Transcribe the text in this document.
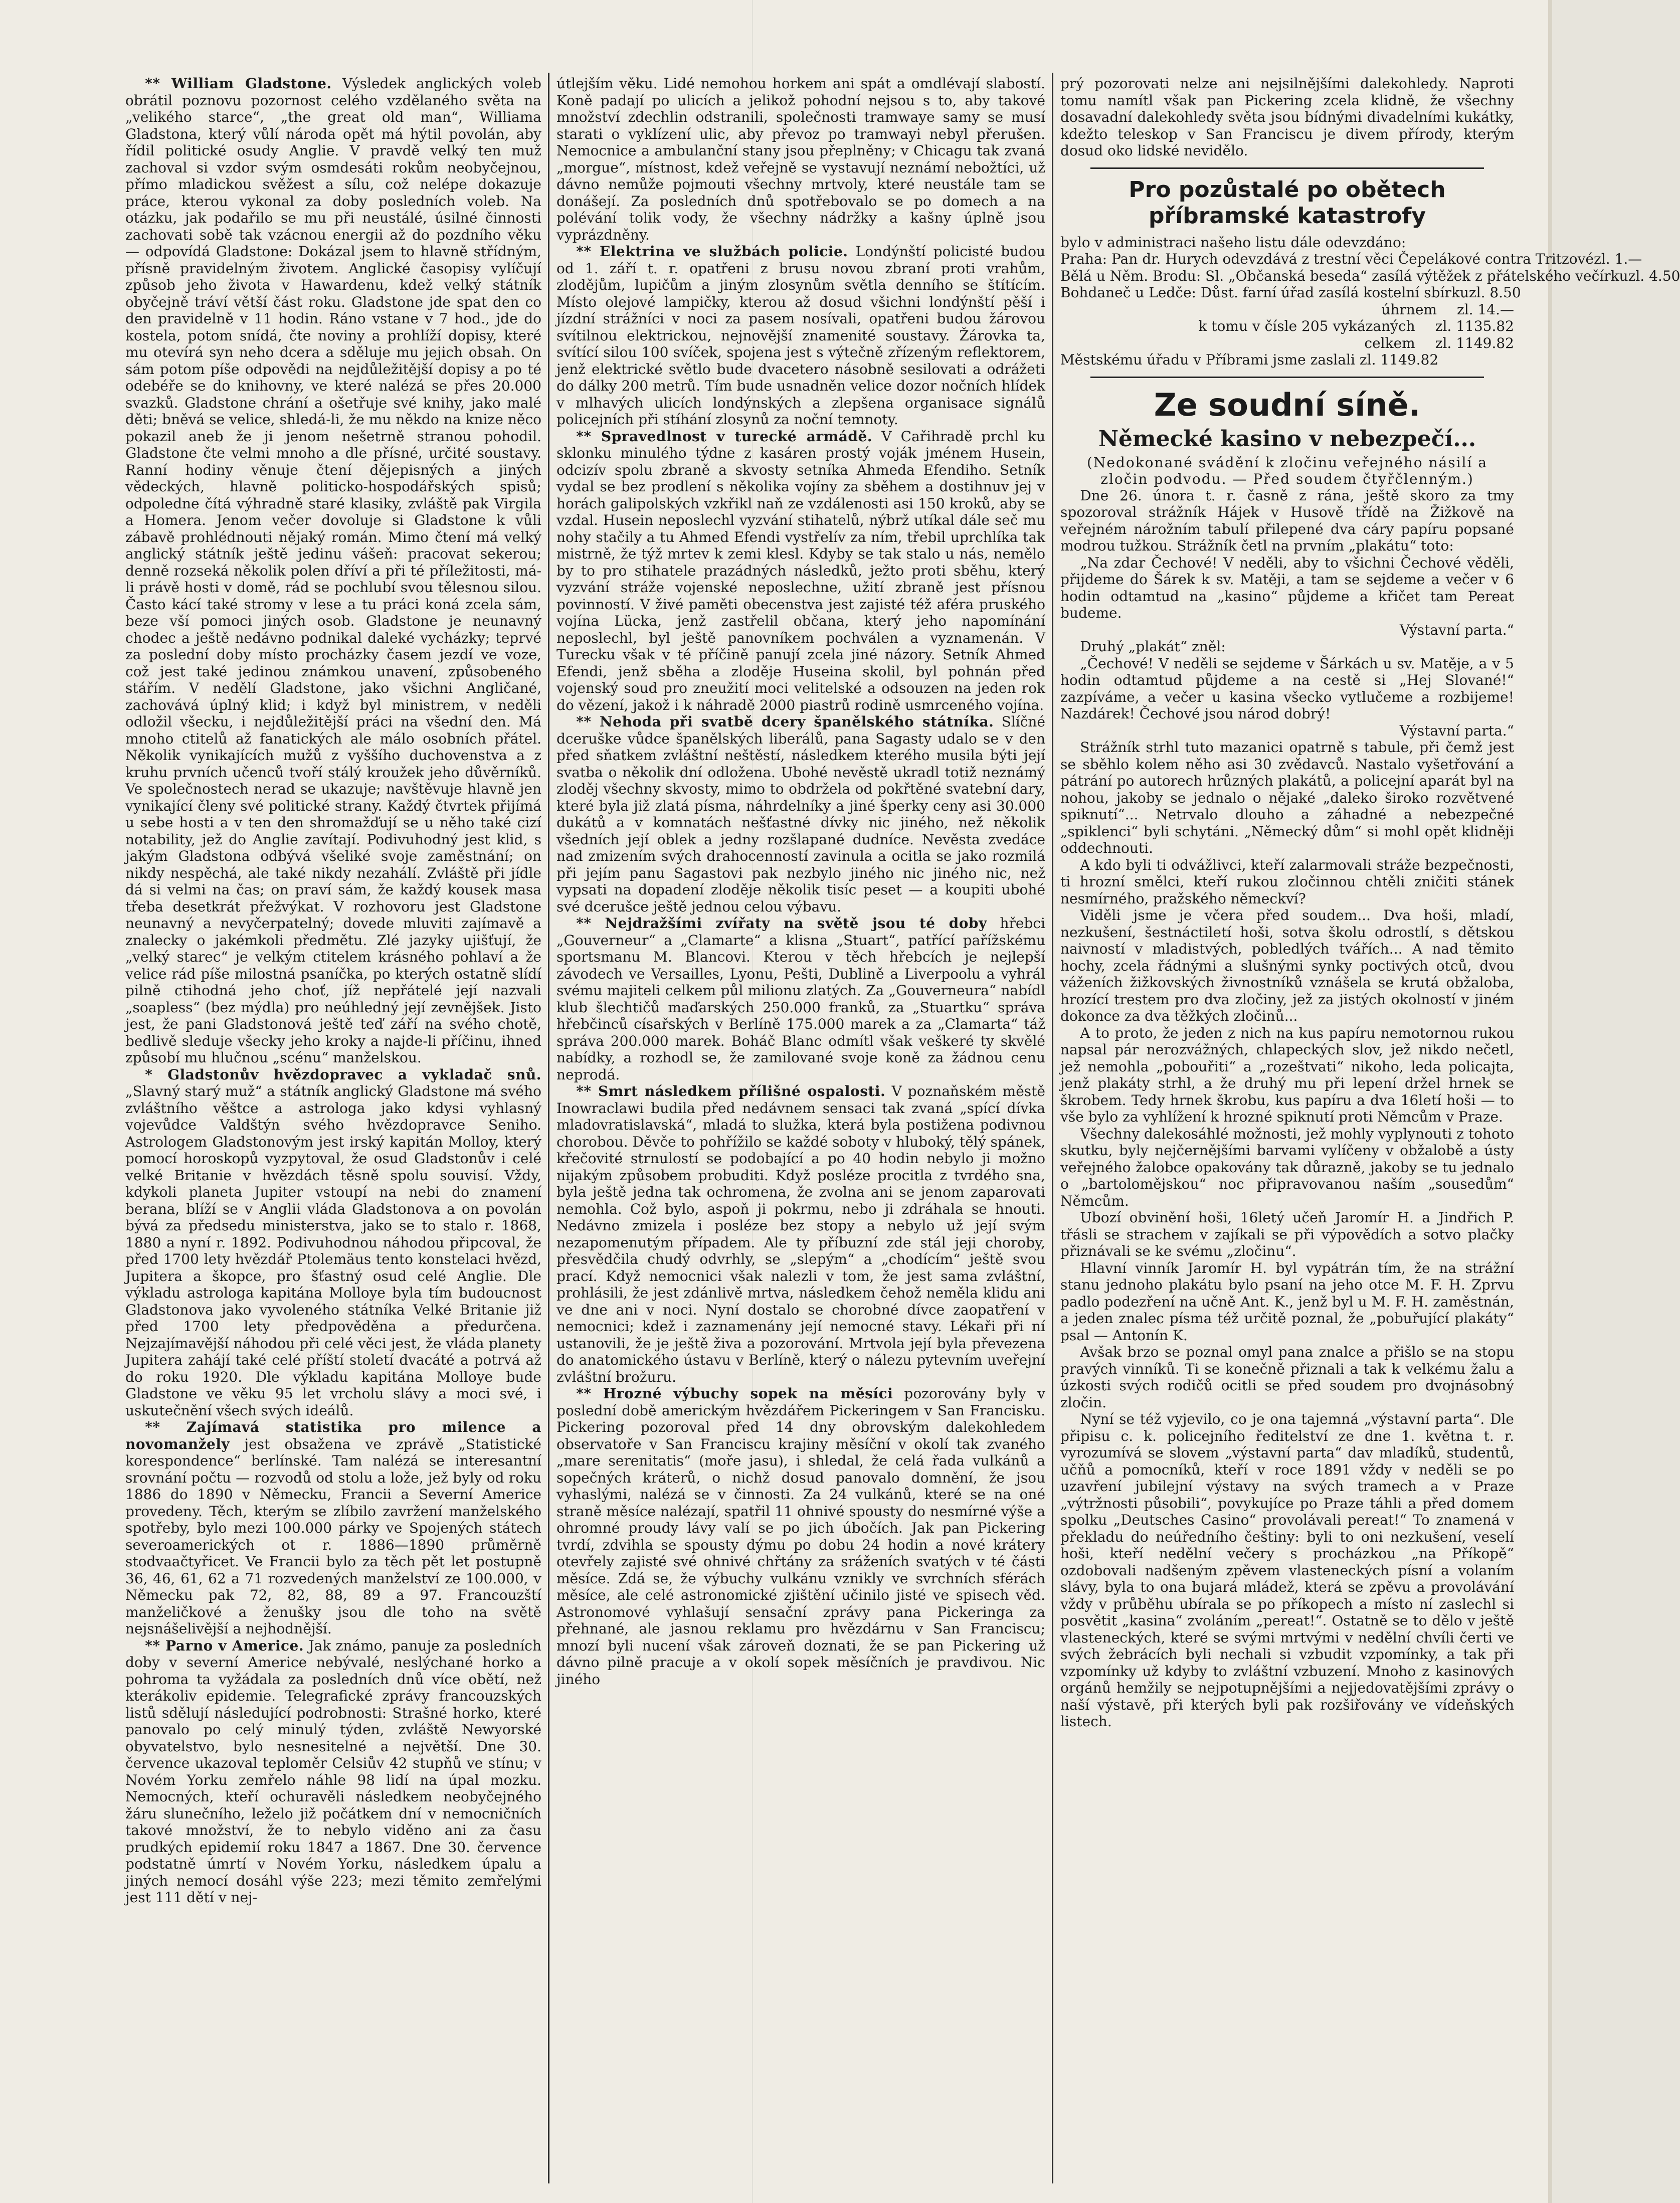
** William Gladstone. Výsledek anglických voleb obrátil poznovu pozornost celého vzdělaného světa na „velikého starce“, „the great old man“, Williama Gladstona, který vůlí národa opět má hýtil povolán, aby řídil politické osudy Anglie. V pravdě velký ten muž zachoval si vzdor svým osmdesáti rokům neobyčejnou, přímo mladickou svěžest a sílu, což nelépe dokazuje práce, kterou vykonal za doby posledních voleb. Na otázku, jak podařilo se mu při neustálé, úsilné činnosti zachovati sobě tak vzácnou energii až do pozdního věku — odpovídá Gladstone: Dokázal jsem to hlavně střídným, přísně pravidelným životem. Anglické časopisy vylíčují způsob jeho života v Hawardenu, kdež velký státník obyčejně tráví větší část roku. Gladstone jde spat den co den pravidelně v 11 hodin. Ráno vstane v 7 hod., jde do kostela, potom snídá, čte noviny a prohlíží dopisy, které mu otevírá syn neho dcera a sděluje mu jejich obsah. On sám potom píše odpovědi na nejdůležitější dopisy a po té odebéře se do knihovny, ve které nalézá se přes 20.000 svazků. Gladstone chrání a ošetřuje své knihy, jako malé děti; bněvá se velice, shledá-li, že mu někdo na knize něco pokazil aneb že ji jenom nešetrně stranou pohodil. Gladstone čte velmi mnoho a dle přísné, určité soustavy. Ranní hodiny věnuje čtení dějepisných a jiných vědeckých, hlavně politicko-hospodářských spisů; odpoledne čítá výhradně staré klasiky, zvláště pak Virgila a Homera. Jenom večer dovoluje si Gladstone k vůli zábavě prohlédnouti nějaký román. Mimo čtení má velký anglický státník ještě jedinu vášeň: pracovat sekerou; denně rozseká několik polen dříví a při té příležitosti, má-li právě hosti v domě, rád se pochlubí svou tělesnou silou. Často kácí také stromy v lese a tu práci koná zcela sám, beze vší pomoci jiných osob. Gladstone je neunavný chodec a ještě nedávno podnikal daleké vycházky; teprvé za poslední doby místo procházky časem jezdí ve voze, což jest také jedinou známkou unavení, způsobeného stářím. V nedělí Gladstone, jako všichni Angličané, zachovává úplný klid; i když byl ministrem, v neděli odložil všecku, i nejdůležitější práci na všední den. Má mnoho ctitelů až fanatických ale málo osobních přátel. Několik vynikajících mužů z vyššího duchovenstva a z kruhu prvních učenců tvoří stálý kroužek jeho důvěrníků. Ve společnostech nerad se ukazuje; navštěvuje hlavně jen vynikající členy své politické strany. Každý čtvrtek přijímá u sebe hosti a v ten den shromažďují se u něho také cizí notability, jež do Anglie zavítají. Podivuhodný jest klid, s jakým Gladstona odbývá všeliké svoje zaměstnání; on nikdy nespěchá, ale také nikdy nezahálí. Zvláště při jídle dá si velmi na čas; on praví sám, že každý kousek masa třeba desetkrát přežvýkat. V rozhovoru jest Gladstone neunavný a nevyčerpatelný; dovede mluviti zajímavě a znalecky o jakémkoli předmětu. Zlé jazyky ujišťují, že „velký starec“ je velkým ctitelem krásného pohlaví a že velice rád píše milostná psaníčka, po kterých ostatně slídí pilně ctihodná jeho choť, jíž nepřátelé její nazvali „soapless“ (bez mýdla) pro neúhledný její zevnějšek. Jisto jest, že pani Gladstonová ještě teď září na svého chotě, bedlivě sleduje všecky jeho kroky a najde-li příčinu, ihned způsobí mu hlučnou „scénu“ manželskou.

* Gladstonův hvězdopravec a vykladač snů. „Slavný starý muž“ a státník anglický Gladstone má svého zvláštního věštce a astrologa jako kdysi vyhlasný vojevůdce Valdštýn svého hvězdopravce Seniho. Astrologem Gladstonovým jest irský kapitán Molloy, který pomocí horoskopů vyzpytoval, že osud Gladstonův i celé velké Britanie v hvězdách těsně spolu souvisí. Vždy, kdykoli planeta Jupiter vstoupí na nebi do znamení berana, blíží se v Anglii vláda Gladstonova a on povolán bývá za předsedu ministerstva, jako se to stalo r. 1868, 1880 a nyní r. 1892. Podivuhodnou náhodou připcoval, že před 1700 lety hvězdář Ptolemäus tento konstelaci hvězd, Jupitera a škopce, pro šťastný osud celé Anglie. Dle výkladu astrologa kapitána Molloye byla tím budoucnost Gladstonova jako vyvoleného státníka Velké Britanie již před 1700 lety předpověděna a předurčena. Nejzajímavější náhodou při celé věci jest, že vláda planety Jupitera zahájí také celé příští století dvacáté a potrvá až do roku 1920. Dle výkladu kapitána Molloye bude Gladstone ve věku 95 let vrcholu slávy a moci své, i uskutečnění všech svých ideálů.

** Zajímavá statistika pro milence a novomanžely jest obsažena ve zprávě „Statistické korespondence“ berlínské. Tam nalézá se interesantní srovnání počtu — rozvodů od stolu a lože, jež byly od roku 1886 do 1890 v Německu, Francii a Severní Americe provedeny. Těch, kterým se zlíbilo zavržení manželského spotřeby, bylo mezi 100.000 párky ve Spojených státech severoamerických ot r. 1886—1890 průměrně stodvaačtyřicet. Ve Francii bylo za těch pět let postupně 36, 46, 61, 62 a 71 rozvedených manželství ze 100.000, v Německu pak 72, 82, 88, 89 a 97. Francouzští manželičkové a ženušky jsou dle toho na světě nejsnášelivější a nejhodnější.

** Parno v Americe. Jak známo, panuje za posledních doby v severní Americe nebývalé, neslýchané horko a pohroma ta vyžádala za posledních dnů více obětí, než kterákoliv epidemie. Telegrafické zprávy francouzských listů sdělují následující podrobnosti: Strašné horko, které panovalo po celý minulý týden, zvláště Newyorské obyvatelstvo, bylo nesnesitelné a největší. Dne 30. července ukazoval teploměr Celsiův 42 stupňů ve stínu; v Novém Yorku zemřelo náhle 98 lidí na úpal mozku. Nemocných, kteří ochuravěli následkem neobyčejného žáru slunečního, leželo již počátkem dní v nemocničních takové množství, že to nebylo viděno ani za času prudkých epidemií roku 1847 a 1867. Dne 30. července podstatně úmrtí v Novém Yorku, následkem úpalu a jiných nemocí dosáhl výše 223; mezi těmito zemřelými jest 111 dětí v nej-

útlejším věku. Lidé nemohou horkem ani spát a omdlévají slabostí. Koně padají po ulicích a jelikož pohodní nejsou s to, aby takové množství zdechlin odstranili, společnosti tramwaye samy se musí starati o vyklízení ulic, aby převoz po tramwayi nebyl přerušen. Nemocnice a ambulanční stany jsou přeplněny; v Chicagu tak zvaná „morgue“, místnost, kdež veřejně se vystavují neznámí nebožtíci, už dávno nemůže pojmouti všechny mrtvoly, které neustále tam se donášejí. Za posledních dnů spotřebovalo se po domech a na polévání tolik vody, že všechny nádržky a kašny úplně jsou vyprázdněny.

** Elektrina ve službách policie. Londýnští policisté budou od 1. září t. r. opatřeni z brusu novou zbraní proti vrahům, zlodějům, lupičům a jiným zlosynům světla denního se štítícím. Místo olejové lampičky, kterou až dosud všichni londýnští pěší i jízdní strážníci v noci za pasem nosívali, opatřeni budou žárovou svítilnou elektrickou, nejnovější znamenité soustavy. Žárovka ta, svítící silou 100 svíček, spojena jest s výtečně zřízeným reflektorem, jenž elektrické světlo bude dvacetero násobně sesilovati a odrážeti do dálky 200 metrů. Tím bude usnadněn velice dozor nočních hlídek v mlhavých ulicích londýnských a zlepšena organisace signálů policejních při stíhání zlosynů za noční temnoty.

** Spravedlnost v turecké armádě. V Cařihradě prchl ku sklonku minulého týdne z kasáren prostý voják jménem Husein, odcizív spolu zbraně a skvosty setníka Ahmeda Efendiho. Setník vydal se bez prodlení s několika vojíny za sběhem a dostihnuv jej v horách galipolských vzkřikl naň ze vzdálenosti asi 150 kroků, aby se vzdal. Husein neposlechl vyzvání stihatelů, nýbrž utíkal dále seč mu nohy stačily a tu Ahmed Efendi vystřelív za ním, třebil uprchlíka tak mistrně, že týž mrtev k zemi klesl. Kdyby se tak stalo u nás, nemělo by to pro stihatele prazádných následků, ježto proti sběhu, který vyzvání stráže vojenské neposlechne, užití zbraně jest přísnou povinností. V živé paměti obecenstva jest zajisté též aféra pruského vojína Lücka, jenž zastřelil občana, který jeho napomínání neposlechl, byl ještě panovníkem pochválen a vyznamenán. V Turecku však v té příčině panují zcela jiné názory. Setník Ahmed Efendi, jenž sběha a zloděje Huseina skolil, byl pohnán před vojenský soud pro zneužití moci velitelské a odsouzen na jeden rok do vězení, jakož i k náhradě 2000 piastrů rodině usmrceného vojína.

** Nehoda při svatbě dcery španělského státníka. Slíčné dceruške vůdce španělských liberálů, pana Sagasty udalo se v den před sňatkem zvláštní neštěstí, následkem kterého musila býti její svatba o několik dní odložena. Ubohé nevěstě ukradl totiž neznámý zloděj všechny skvosty, mimo to obdržela od pokřtěné svatební dary, které byla již zlatá písma, náhrdelníky a jiné šperky ceny asi 30.000 dukátů a v komnatách nešťastné dívky nic jiného, než několik všedních její oblek a jedny rozšlapané dudníce. Nevěsta zvedáce nad zmizením svých drahocenností zavinula a ocitla se jako rozmilá při jejím panu Sagastovi pak nezbylo jiného nic jiného nic, než vypsati na dopadení zloděje několik tisíc peset — a koupiti ubohé své dcerušce ještě jednou celou výbavu.

** Nejdražšími zvířaty na světě jsou té doby hřebci „Gouverneur“ a „Clamarte“ a klisna „Stuart“, patřící pařížskému sportsmanu M. Blancovi. Kterou v těch hřebcích je nejlepší závodech ve Versailles, Lyonu, Pešti, Dublině a Liverpoolu a vyhrál svému majiteli celkem půl milionu zlatých. Za „Gouverneura“ nabídl klub šlechtičů maďarských 250.000 franků, za „Stuartku“ správa hřebčinců císařských v Berlíně 175.000 marek a za „Clamarta“ táž správa 200.000 marek. Boháč Blanc odmítl však veškeré ty skvělé nabídky, a rozhodl se, že zamilované svoje koně za žádnou cenu neprodá.

** Smrt následkem přílišné ospalosti. V poznaňském městě Inowraclawi budila před nedávnem sensaci tak zvaná „spící dívka mladovratislavská“, mladá to služka, která byla postižena podivnou chorobou. Děvče to pohřížilo se každé soboty v hluboký, tělý spánek, křečovité strnulostí se podobající a po 40 hodin nebylo ji možno nijakým způsobem probuditi. Když posléze procitla z tvrdého sna, byla ještě jedna tak ochromena, že zvolna ani se jenom zaparovati nemohla. Což bylo, aspoň ji pokrmu, nebo ji zdráhala se hnouti. Nedávno zmizela i posléze bez stopy a nebylo už její svým nezapomenutým případem. Ale ty příbuzní zde stál jeji choroby, přesvědčila chudý odvrhly, se „slepým“ a „chodícím“ ještě svou prací. Když nemocnici však nalezli v tom, že jest sama zvláštní, prohlásili, že jest zdánlivě mrtva, následkem čehož neměla klidu ani ve dne ani v noci. Nyní dostalo se chorobné dívce zaopatření v nemocnici; kdež i zaznamenány její nemocné stavy. Lékaři při ní ustanovili, že je ještě živa a pozorování. Mrtvola její byla převezena do anatomického ústavu v Berlíně, který o nálezu pytevním uveřejní zvláštní brožuru.

** Hrozné výbuchy sopek na měsíci pozorovány byly v poslední době americkým hvězdářem Pickeringem v San Francisku. Pickering pozoroval před 14 dny obrovským dalekohledem observatoře v San Franciscu krajiny měsíční v okolí tak zvaného „mare serenitatis“ (moře jasu), i shledal, že celá řada vulkánů a sopečných kráterů, o nichž dosud panovalo domnění, že jsou vyhaslými, nalézá se v činnosti. Za 24 vulkánů, které se na oné straně měsíce nalézají, spatřil 11 ohnivé spousty do nesmírné výše a ohromné proudy lávy valí se po jich úbočích. Jak pan Pickering tvrdí, zdvihla se spousty dýmu po dobu 24 hodin a nové krátery otevřely zajisté své ohnivé chřtány za sráženích svatých v té části měsíce. Zdá se, že výbuchy vulkánu vznikly ve svrchních sférách měsíce, ale celé astronomické zjištění učinilo jisté ve spisech věd. Astronomové vyhlašují sensační zprávy pana Pickeringa za přehnané, ale jasnou reklamu pro hvězdárnu v San Franciscu; mnozí byli nucení však zároveň doznati, že se pan Pickering už dávno pilně pracuje a v okolí sopek měsíčních je pravdivou. Nic jiného

prý pozorovati nelze ani nejsilnějšími dalekohledy. Naproti tomu namítl však pan Pickering zcela klidně, že všechny dosavadní dalekohledy světa jsou bídnými divadelními kukátky, kdežto teleskop v San Franciscu je divem přírody, kterým dosud oko lidské nevidělo.

Pro pozůstalé po obětech příbramské katastrofy

bylo v administraci našeho listu dále odevzdáno:

Praha: Pan dr. Hurych odevzdává z trestní věci Čepelákové contra Tritzové zl. 1.—
Bělá u Něm. Brodu: Sl. „Občanská beseda“ zasílá výtěžek z přátelského večírku zl. 4.50
Bohdaneč u Ledče: Důst. farní úřad zasílá kostelní sbírku zl. 8.50
úhrnem zl. 14.—
k tomu v čísle 205 vykázaných zl. 1135.82
celkem zl. 1149.82

Městskému úřadu v Příbrami jsme zaslali zl. 1149.82

Ze soudní síně.
Německé kasino v nebezpečí...
(Nedokonané svádění k zločinu veřejného násilí a zločin podvodu. — Před soudem čtyřčlenným.)

Dne 26. února t. r. časně z rána, ještě skoro za tmy spozoroval strážník Hájek v Husově třídě na Žižkově na veřejném nárožním tabulí přilepené dva cáry papíru popsané modrou tužkou. Strážník četl na prvním „plakátu“ toto:

„Na zdar Čechové! V neděli, aby to všichni Čechové věděli, přijdeme do Šárek k sv. Matěji, a tam se sejdeme a večer v 6 hodin odtamtud na „kasino“ půjdeme a křičet tam Pereat budeme.

Výstavní parta.“

Druhý „plakát“ zněl:

„Čechové! V neděli se sejdeme v Šárkách u sv. Matěje, a v 5 hodin odtamtud půjdeme a na cestě si „Hej Slované!“ zazpíváme, a večer u kasina všecko vytlučeme a rozbijeme! Nazdárek! Čechové jsou národ dobrý!

Výstavní parta.“

Strážník strhl tuto mazanici opatrně s tabule, při čemž jest se sběhlo kolem něho asi 30 zvědavců. Nastalo vyšetřování a pátrání po autorech hrůzných plakátů, a policejní aparát byl na nohou, jakoby se jednalo o nějaké „daleko široko rozvětvené spiknutí“... Netrvalo dlouho a záhadné a nebezpečné „spiklenci“ byli schytáni. „Německý dům“ si mohl opět klidněji oddechnouti.

A kdo byli ti odvážlivci, kteří zalarmovali stráže bezpečnosti, ti hrozní smělci, kteří rukou zločinnou chtěli zničiti stánek nesmírného, pražského německví?

Viděli jsme je včera před soudem... Dva hoši, mladí, nezkušení, šestnáctiletí hoši, sotva školu odrostlí, s dětskou naivností v mladistvých, pobledlých tvářích... A nad těmito hochy, zcela řádnými a slušnými synky poctivých otců, dvou váženích žižkovských živnostníků vznášela se krutá obžaloba, hrozící trestem pro dva zločiny, jež za jistých okolností v jiném dokonce za dva těžkých zločinů...

A to proto, že jeden z nich na kus papíru nemotornou rukou napsal pár nerozvážných, chlapeckých slov, jež nikdo nečetl, jež nemohla „pobouřiti“ a „rozeštvati“ nikoho, leda policajta, jenž plakáty strhl, a že druhý mu při lepení držel hrnek se škrobem. Tedy hrnek škrobu, kus papíru a dva 16letí hoši — to vše bylo za vyhlížení k hrozné spiknutí proti Němcům v Praze.

Všechny dalekosáhlé možnosti, jež mohly vyplynouti z tohoto skutku, byly nejčernějšími barvami vylíčeny v obžalobě a ústy veřejného žalobce opakovány tak důrazně, jakoby se tu jednalo o „bartolomějskou“ noc připravovanou naším „sousedům“ Němcům.

Ubozí obvinění hoši, 16letý učeň Jaromír H. a Jindřich P. třásli se strachem v zajíkali se při výpovědích a sotvo plačky přiznávali se ke svému „zločinu“.

Hlavní vinník Jaromír H. byl vypátrán tím, že na strážní stanu jednoho plakátu bylo psaní na jeho otce M. F. H. Zprvu padlo podezření na učně Ant. K., jenž byl u M. F. H. zaměstnán, a jeden znalec písma též určitě poznal, že „pobuřující plakáty“ psal — Antonín K.

Avšak brzo se poznal omyl pana znalce a přišlo se na stopu pravých vinníků. Ti se konečně přiznali a tak k velkému žalu a úzkosti svých rodičů ocitli se před soudem pro dvojnásobný zločin.

Nyní se též vyjevilo, co je ona tajemná „výstavní parta“. Dle připisu c. k. policejního ředitelství ze dne 1. května t. r. vyrozumívá se slovem „výstavní parta“ dav mladíků, studentů, učňů a pomocníků, kteří v roce 1891 vždy v neděli se po uzavření jubilejní výstavy na svých tramech a v Praze „výtržnosti působili“, povykujíce po Praze táhli a před domem spolku „Deutsches Casino“ provolávali pereat!“ To znamená v překladu do neúředního češtiny: byli to oni nezkušení, veselí hoši, kteří nedělní večery s procházkou „na Příkopě“ ozdobovali nadšeným zpěvem vlasteneckých písní a volaním slávy, byla to ona bujará mládež, která se zpěvu a provolávání vždy v průběhu ubírala se po příkopech a místo ní zaslechl si posvětit „kasina“ zvoláním „pereat!“. Ostatně se to dělo v ještě vlasteneckých, které se svými mrtvými v nedělní chvíli čerti ve svých žebrácích byli nechali si vzbudit vzpomínky, a tak při vzpomínky už kdyby to zvláštní vzbuzení. Mnoho z kasinových orgánů hemžily se nejpotupnějšími a nejjedovatějšími zprávy o naší výstavě, při kterých byli pak rozšiřovány ve vídeňských listech.
